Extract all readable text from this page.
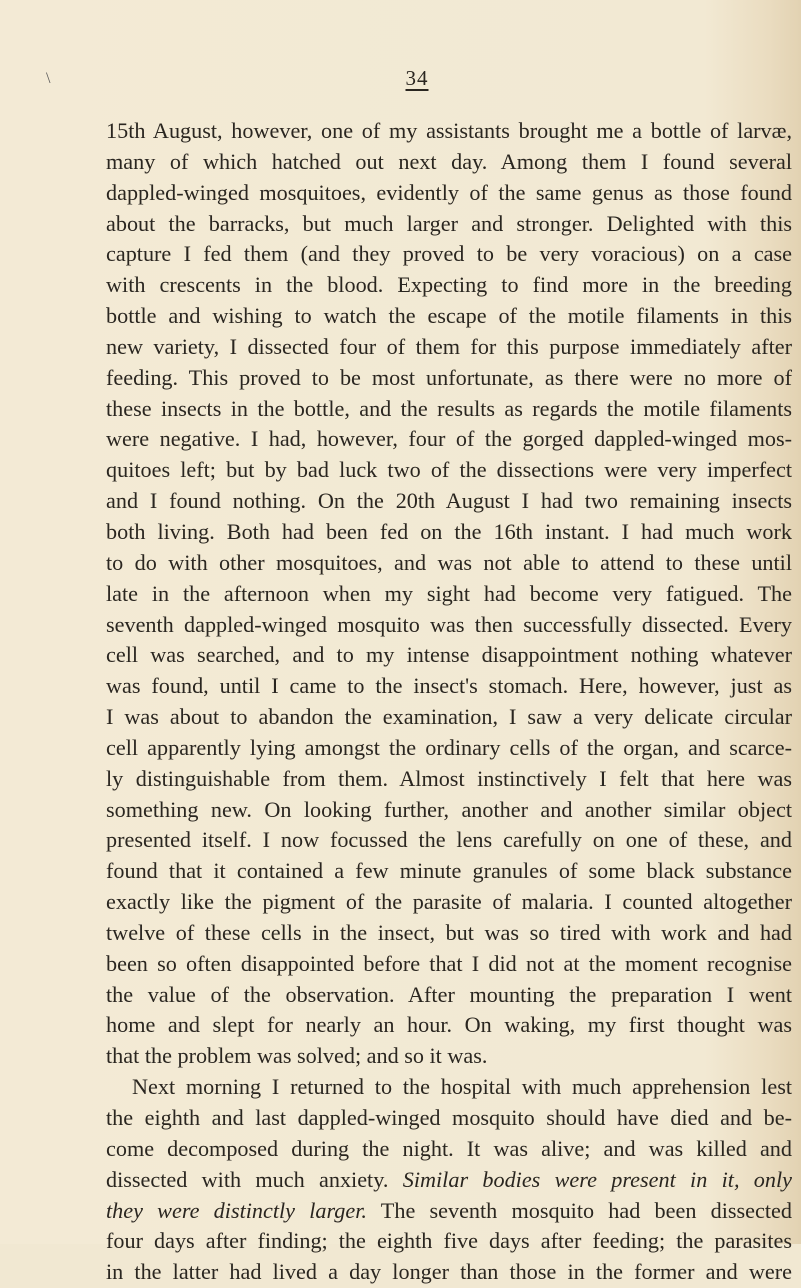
\	34
15th August, however, one of my assistants brought me a bottle of larvæ,
many of which hatched out next day. Among them I found several
dappled-winged mosquitoes, evidently of the same genus as those found
about the barracks, but much larger and stronger. Delighted with this
capture I fed them (and they proved to be very voracious) on a case
with crescents in the blood. Expecting to find more in the breeding
bottle and wishing to watch the escape of the motile filaments in this
new variety, I dissected four of them for this purpose immediately after
feeding. This proved to be most unfortunate, as there were no more of
these insects in the bottle, and the results as regards the motile filaments
were negative. I had, however, four of the gorged dappled-winged mos-
quitoes left; but by bad luck two of the dissections were very imperfect
and I found nothing. On the 20th August I had two remaining insects
both living. Both had been fed on the 16th instant. I had much work
to do with other mosquitoes, and was not able to attend to these until
late in the afternoon when my sight had become very fatigued. The
seventh dappled-winged mosquito was then successfully dissected. Every
cell was searched, and to my intense disappointment nothing whatever
was found, until I came to the insect's stomach. Here, however, just as
I was about to abandon the examination, I saw a very delicate circular
cell apparently lying amongst the ordinary cells of the organ, and scarce-
ly distinguishable from them. Almost instinctively I felt that here was
something new. On looking further, another and another similar object
presented itself. I now focussed the lens carefully on one of these, and
found that it contained a few minute granules of some black substance
exactly like the pigment of the parasite of malaria. I counted altogether
twelve of these cells in the insect, but was so tired with work and had
been so often disappointed before that I did not at the moment recognise
the value of the observation. After mounting the preparation I went
home and slept for nearly an hour. On waking, my first thought was
that the problem was solved; and so it was.
Next morning I returned to the hospital with much apprehension lest
the eighth and last dappled-winged mosquito should have died and be-
come decomposed during the night. It was alive; and was killed and
dissected with much anxiety. Similar bodies were present in it, only
they were distinctly larger. The seventh mosquito had been dissected
four days after finding; the eighth five days after feeding; the parasites
in the latter had lived a day longer than those in the former and were
